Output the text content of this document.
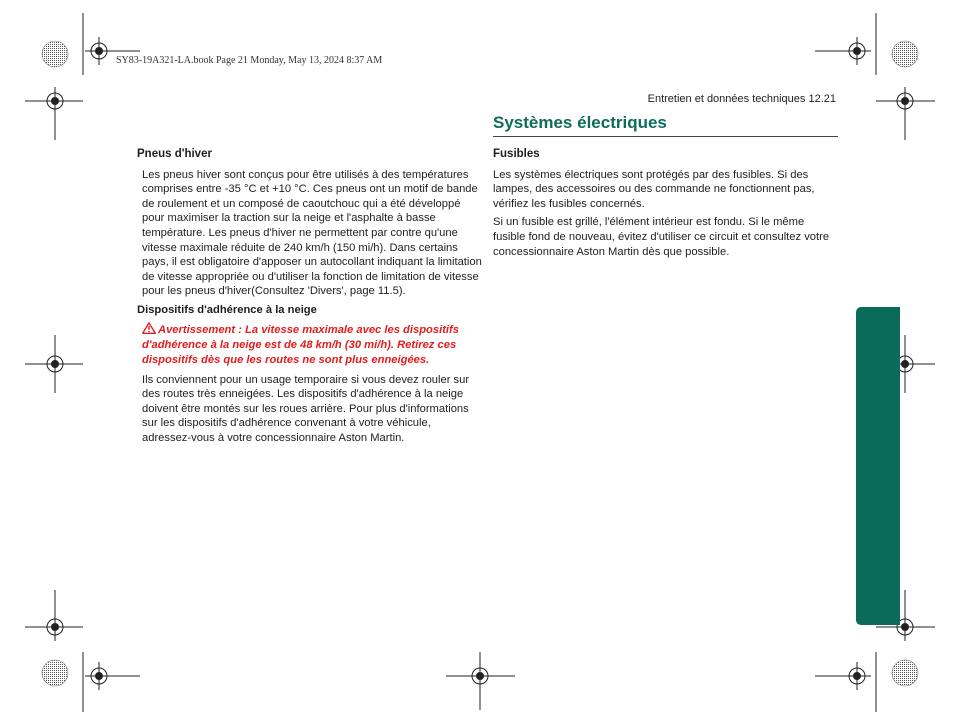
SY83-19A321-LA.book Page 21 Monday, May 13, 2024 8:37 AM
Entretien et données techniques 12.21
Systèmes électriques
Pneus d'hiver
Les pneus hiver sont conçus pour être utilisés à des températures comprises entre -35 °C et +10 °C. Ces pneus ont un motif de bande de roulement et un composé de caoutchouc qui a été développé pour maximiser la traction sur la neige et l'asphalte à basse température. Les pneus d'hiver ne permettent par contre qu'une vitesse maximale réduite de 240 km/h (150 mi/h). Dans certains pays, il est obligatoire d'apposer un autocollant indiquant la limitation de vitesse appropriée ou d'utiliser la fonction de limitation de vitesse pour les pneus d'hiver(Consultez 'Divers', page 11.5).
Dispositifs d'adhérence à la neige
Avertissement : La vitesse maximale avec les dispositifs d'adhérence à la neige est de 48 km/h (30 mi/h). Retirez ces dispositifs dès que les routes ne sont plus enneigées.
Ils conviennent pour un usage temporaire si vous devez rouler sur des routes très enneigées. Les dispositifs d'adhérence à la neige doivent être montés sur les roues arrière. Pour plus d'informations sur les dispositifs d'adhérence convenant à votre véhicule, adressez-vous à votre concessionnaire Aston Martin.
Fusibles
Les systèmes électriques sont protégés par des fusibles. Si des lampes, des accessoires ou des commande ne fonctionnent pas, vérifiez les fusibles concernés.
Si un fusible est grillé, l'élément intérieur est fondu. Si le même fusible fond de nouveau, évitez d'utiliser ce circuit et consultez votre concessionnaire Aston Martin dès que possible.
